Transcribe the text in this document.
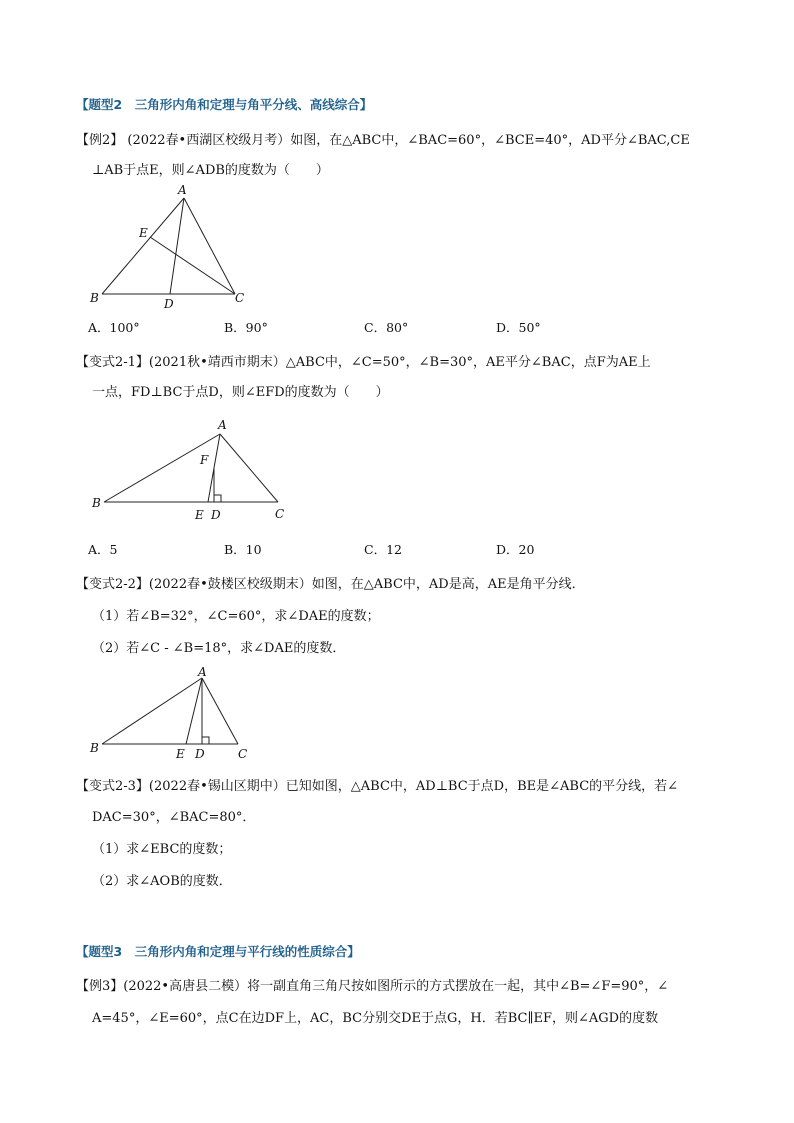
【题型2　三角形内角和定理与角平分线、高线综合】
【例2】 (2022春•西湖区校级月考）如图，在△ABC中，∠BAC=60°，∠BCE=40°，AD平分∠BAC,CE
⊥AB于点E，则∠ADB的度数为（　　）
A
E
B	D	C
A．100°	B．90°	C．80°	D．50°
【变式2-1】(2021秋•靖西市期末）△ABC中，∠C=50°，∠B=30°，AE平分∠BAC，点F为AE上
一点，FD⊥BC于点D，则∠EFD的度数为（　　）
A
F
B
E D	C
A．5	B．10	C．12	D．20
【变式2-2】(2022春•鼓楼区校级期末）如图，在△ABC中，AD是高，AE是角平分线．
（1）若∠B=32°，∠C=60°，求∠DAE的度数；
（2）若∠C - ∠B=18°，求∠DAE的度数．
A
B	E D	C
【变式2-3】(2022春•锡山区期中）已知如图，△ABC中，AD⊥BC于点D，BE是∠ABC的平分线，若∠
DAC=30°，∠BAC=80°．
（1）求∠EBC的度数；
（2）求∠AOB的度数．
【题型3　三角形内角和定理与平行线的性质综合】
【例3】(2022•高唐县二模）将一副直角三角尺按如图所示的方式摆放在一起，其中∠B=∠F=90°，∠
A=45°，∠E=60°，点C在边DF上，AC，BC分别交DE于点G，H．若BC∥EF，则∠AGD的度数
